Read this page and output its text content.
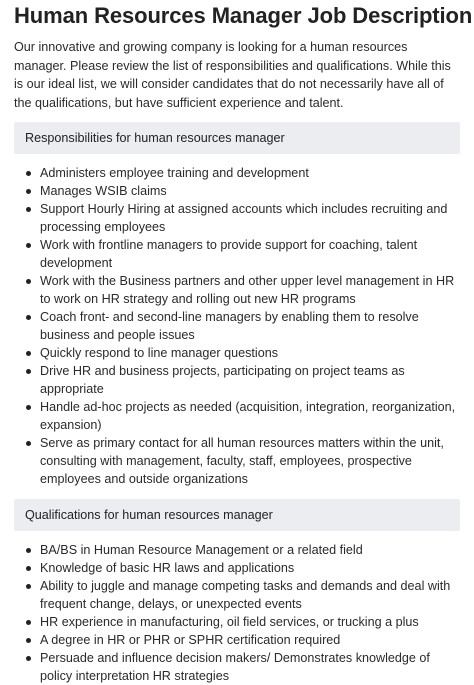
Human Resources Manager Job Description

Our innovative and growing company is looking for a human resources manager. Please review the list of responsibilities and qualifications. While this is our ideal list, we will consider candidates that do not necessarily have all of the qualifications, but have sufficient experience and talent.

Responsibilities for human resources manager
Administers employee training and development
Manages WSIB claims
Support Hourly Hiring at assigned accounts which includes recruiting and processing employees
Work with frontline managers to provide support for coaching, talent development
Work with the Business partners and other upper level management in HR to work on HR strategy and rolling out new HR programs
Coach front- and second-line managers by enabling them to resolve business and people issues
Quickly respond to line manager questions
Drive HR and business projects, participating on project teams as appropriate
Handle ad-hoc projects as needed (acquisition, integration, reorganization, expansion)
Serve as primary contact for all human resources matters within the unit, consulting with management, faculty, staff, employees, prospective employees and outside organizations
Qualifications for human resources manager
BA/BS in Human Resource Management or a related field
Knowledge of basic HR laws and applications
Ability to juggle and manage competing tasks and demands and deal with frequent change, delays, or unexpected events
HR experience in manufacturing, oil field services, or trucking a plus
A degree in HR or PHR or SPHR certification required
Persuade and influence decision makers/ Demonstrates knowledge of policy interpretation HR strategies
